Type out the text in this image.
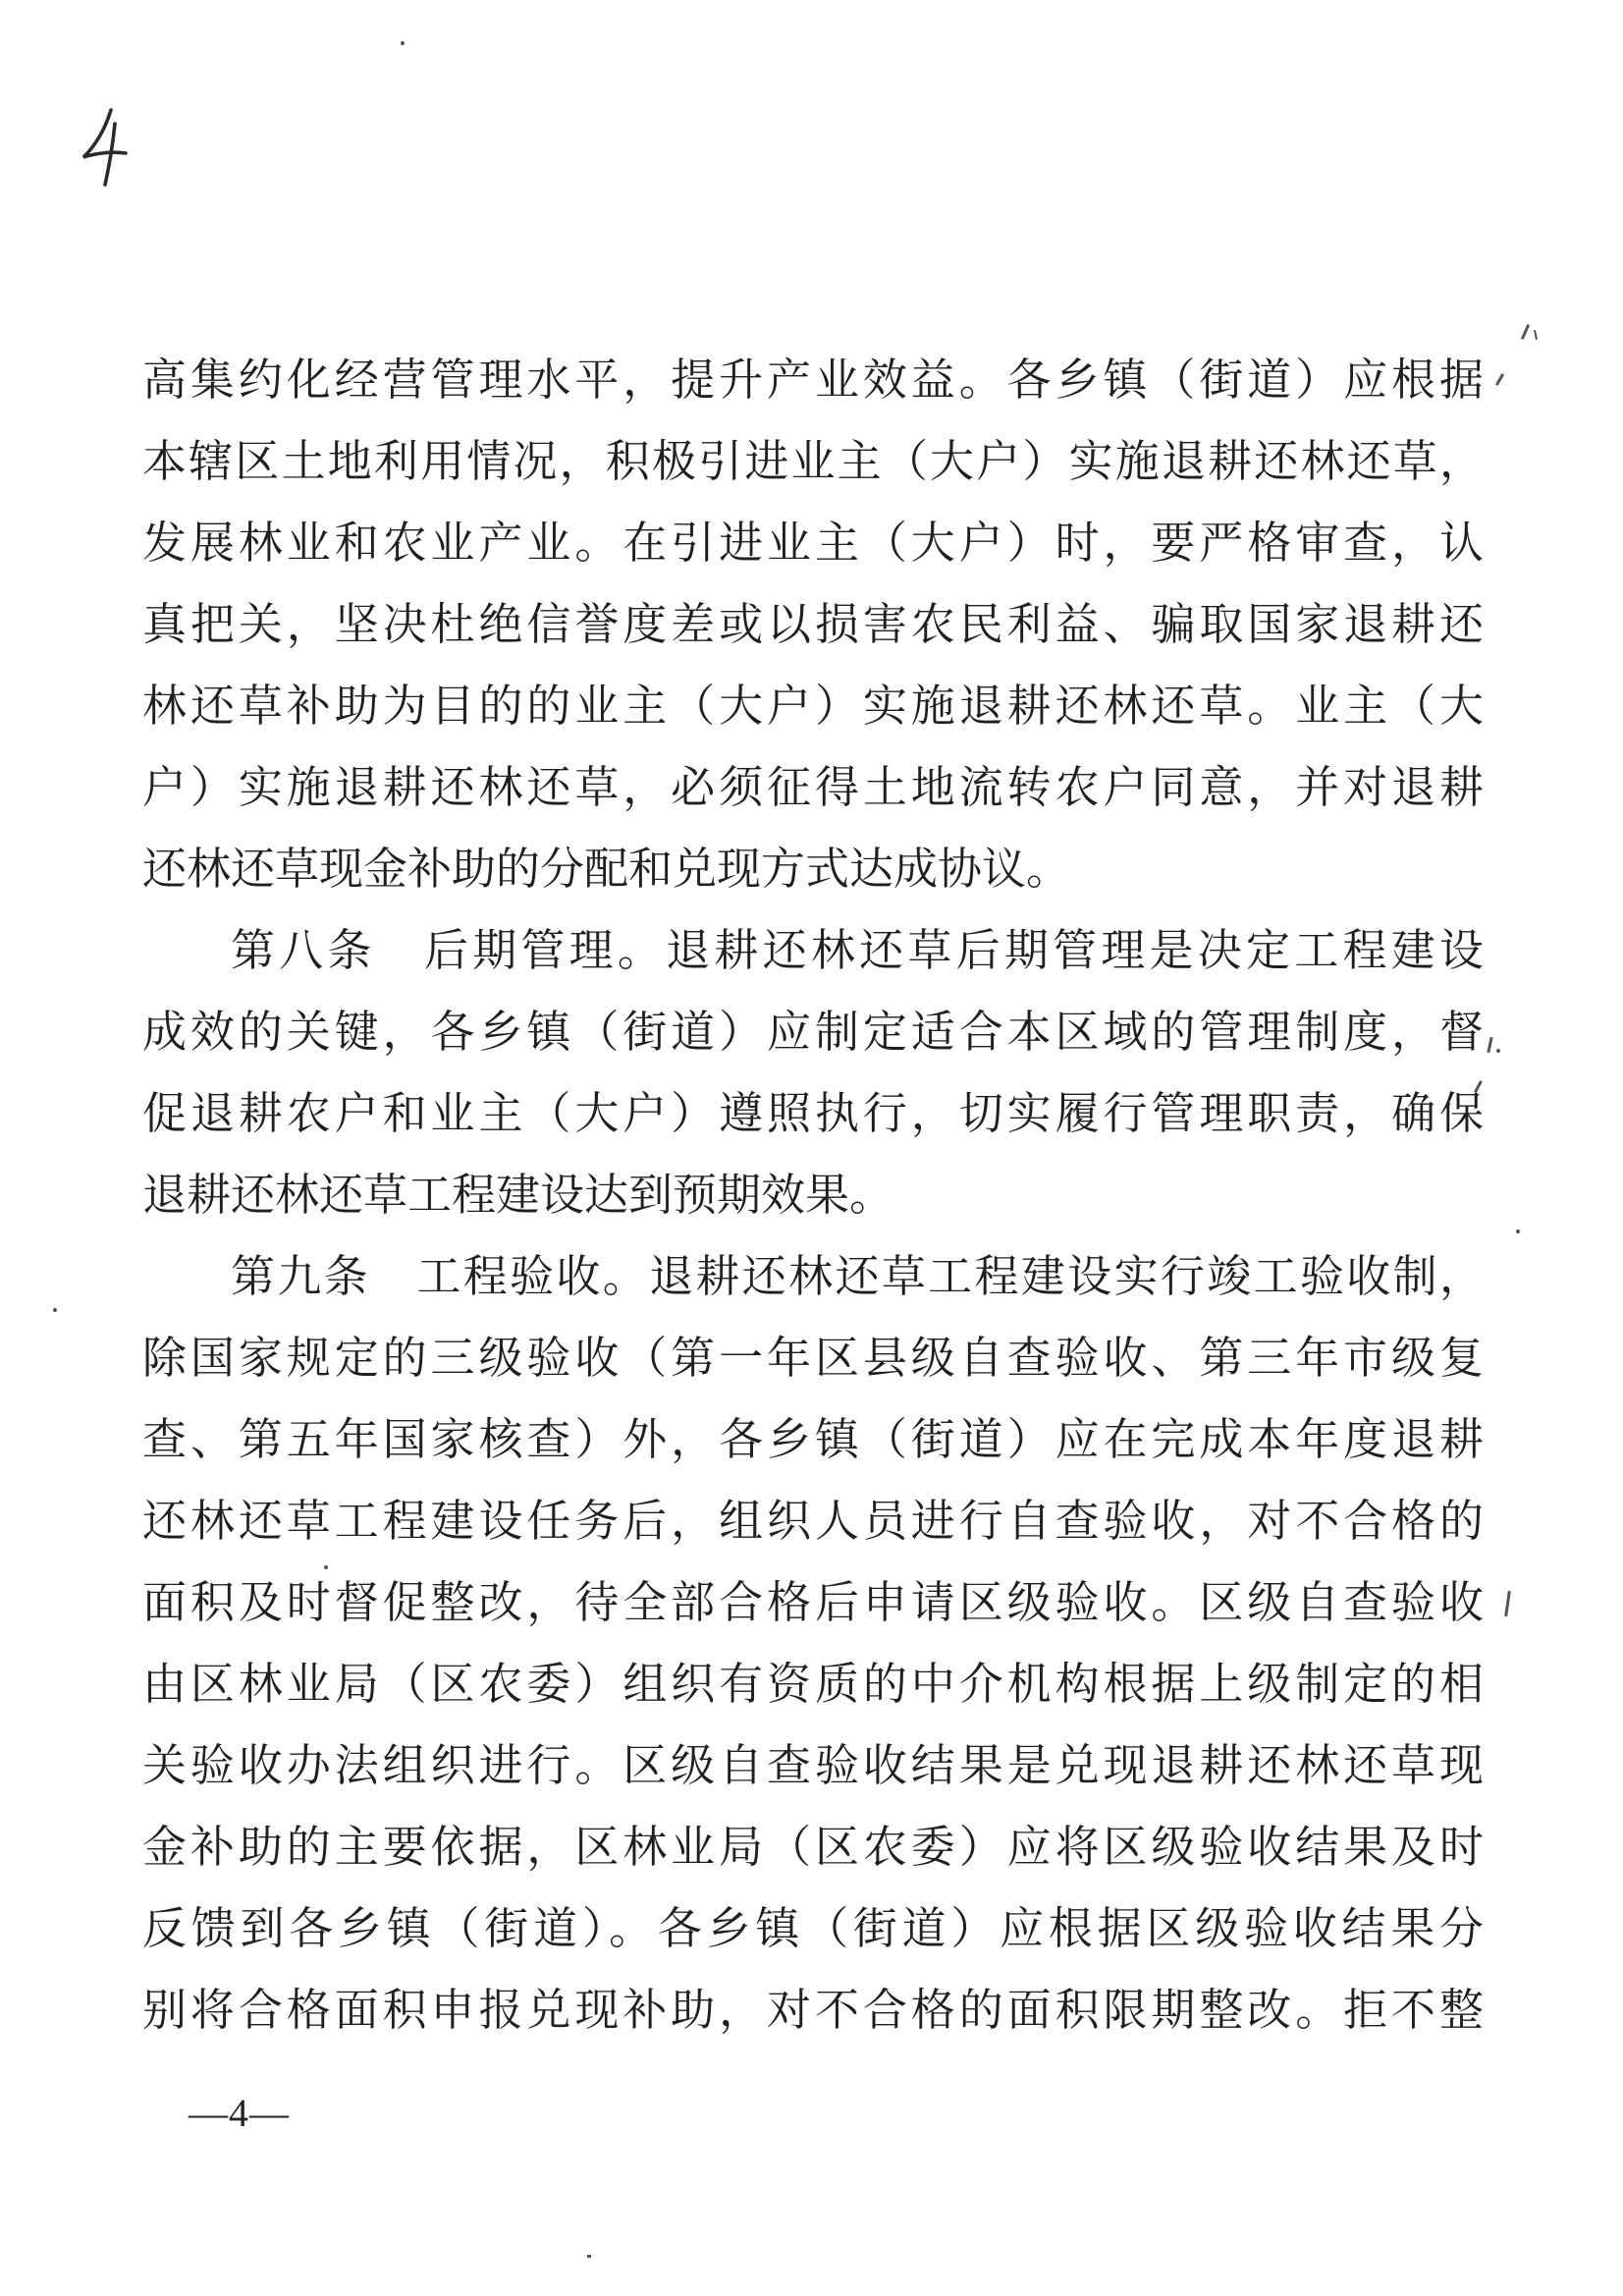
高集约化经营管理水平，提升产业效益。各乡镇（街道）应根据
本辖区土地利用情况，积极引进业主（大户）实施退耕还林还草，
发展林业和农业产业。在引进业主（大户）时，要严格审查，认
真把关，坚决杜绝信誉度差或以损害农民利益、骗取国家退耕还
林还草补助为目的的业主（大户）实施退耕还林还草。业主（大
户）实施退耕还林还草，必须征得土地流转农户同意，并对退耕
还林还草现金补助的分配和兑现方式达成协议。
第八条　后期管理。退耕还林还草后期管理是决定工程建设
成效的关键，各乡镇（街道）应制定适合本区域的管理制度，督
促退耕农户和业主（大户）遵照执行，切实履行管理职责，确保
退耕还林还草工程建设达到预期效果。
第九条　工程验收。退耕还林还草工程建设实行竣工验收制，
除国家规定的三级验收（第一年区县级自查验收、第三年市级复
查、第五年国家核查）外，各乡镇（街道）应在完成本年度退耕
还林还草工程建设任务后，组织人员进行自查验收，对不合格的
面积及时督促整改，待全部合格后申请区级验收。区级自查验收
由区林业局（区农委）组织有资质的中介机构根据上级制定的相
关验收办法组织进行。区级自查验收结果是兑现退耕还林还草现
金补助的主要依据，区林业局（区农委）应将区级验收结果及时
反馈到各乡镇（街道）。各乡镇（街道）应根据区级验收结果分
别将合格面积申报兑现补助，对不合格的面积限期整改。拒不整
—4—
